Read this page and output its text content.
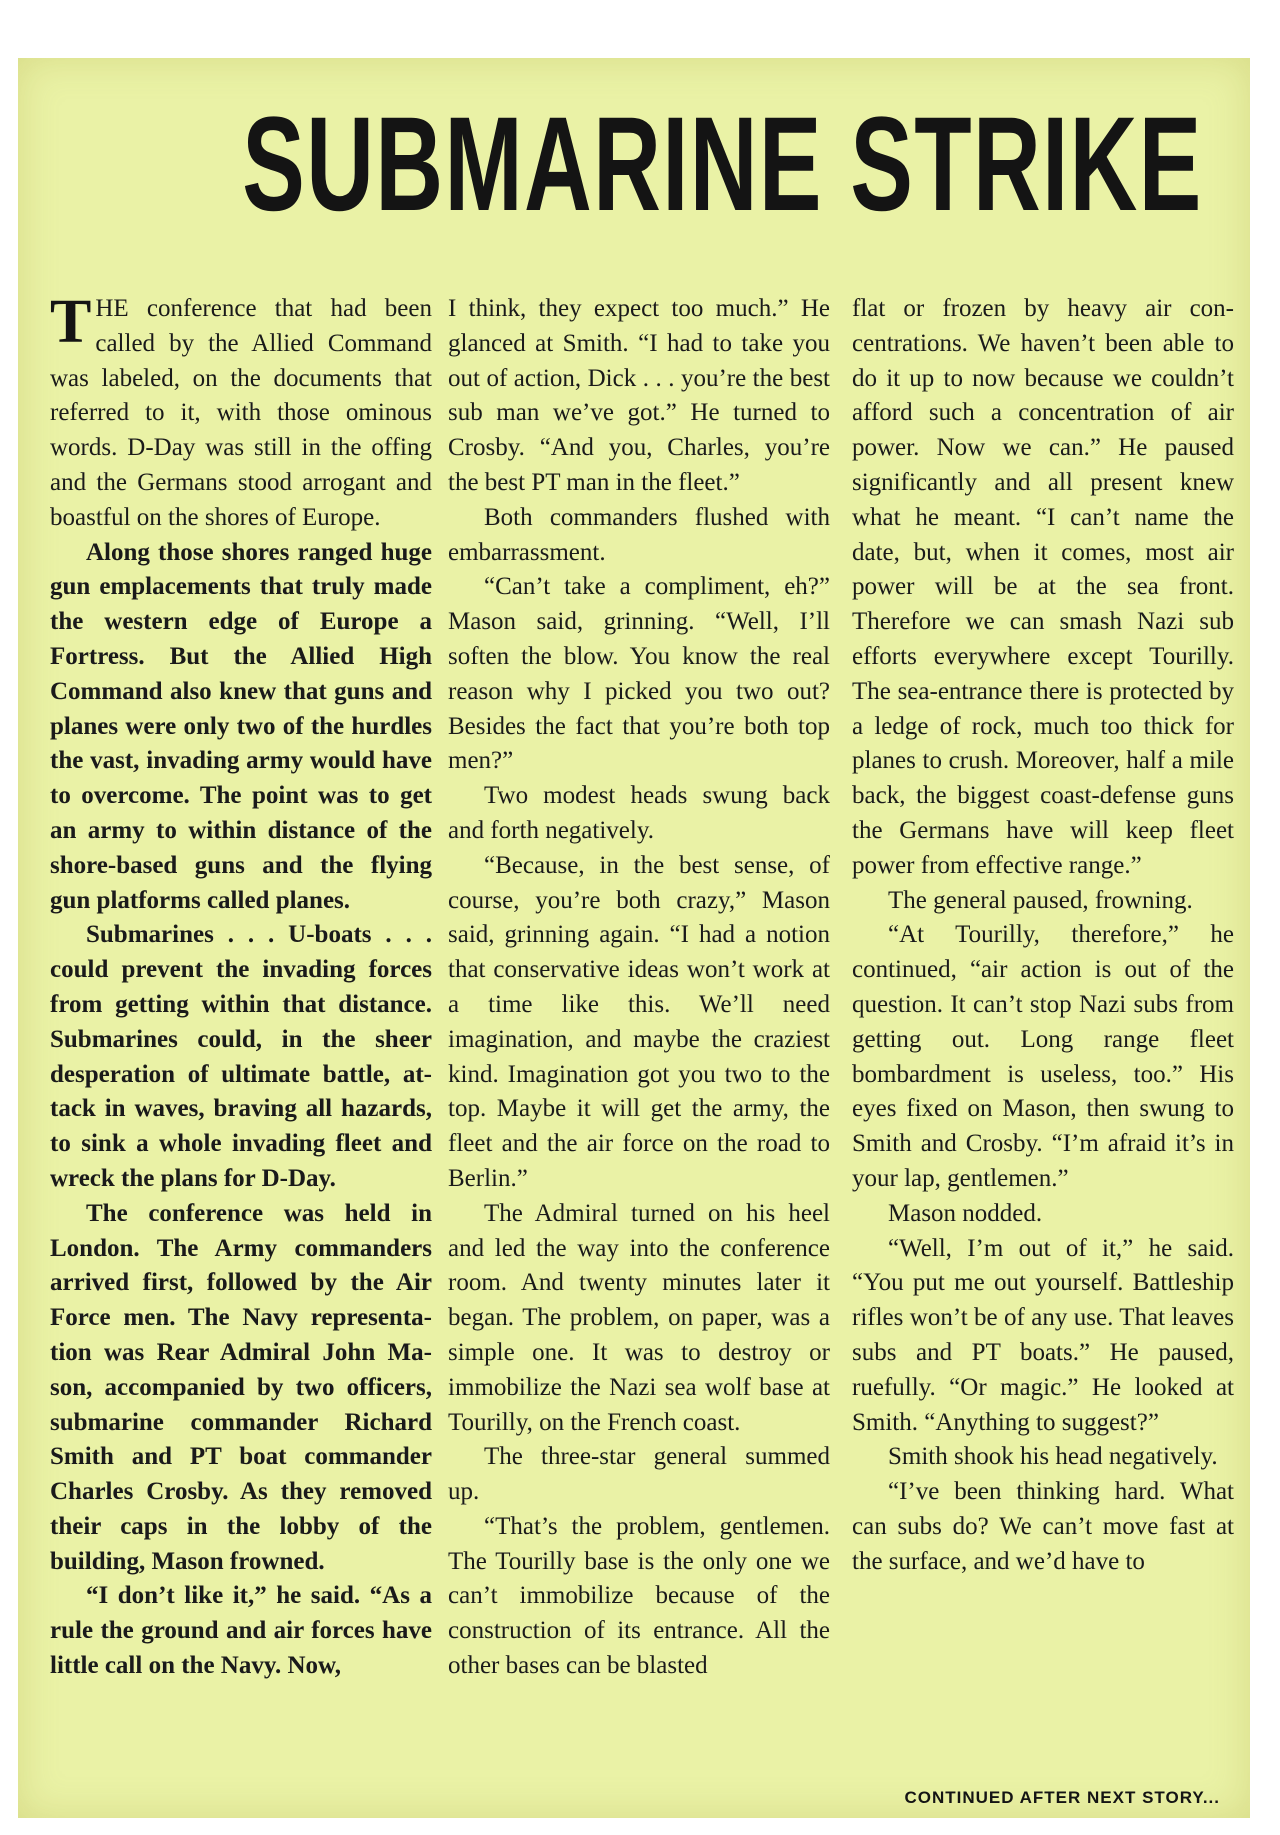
SUBMARINE STRIKE

THE conference that had been called by the Allied Command was labeled, on the documents that referred to it, with those ominous words. D-Day was still in the offing and the Germans stood arrogant and boastful on the shores of Europe.

Along those shores ranged huge gun emplacements that truly made the western edge of Europe a Fortress. But the Allied High Command also knew that guns and planes were only two of the hurdles the vast, invading army would have to overcome. The point was to get an army to within distance of the shore-based guns and the flying gun platforms called planes.

Submarines . . . U-boats . . . could prevent the invading forces from getting within that distance. Submarines could, in the sheer desperation of ultimate battle, attack in waves, braving all hazards, to sink a whole invading fleet and wreck the plans for D-Day.

The conference was held in London. The Army commanders arrived first, followed by the Air Force men. The Navy representation was Rear Admiral John Mason, accompanied by two officers, submarine commander Richard Smith and PT boat commander Charles Crosby. As they removed their caps in the lobby of the building, Mason frowned.

“I don’t like it,” he said. “As a rule the ground and air forces have little call on the Navy. Now,

I think, they expect too much.” He glanced at Smith. “I had to take you out of action, Dick . . . you’re the best sub man we’ve got.” He turned to Crosby. “And you, Charles, you’re the best PT man in the fleet.”

Both commanders flushed with embarrassment.

“Can’t take a compliment, eh?” Mason said, grinning. “Well, I’ll soften the blow. You know the real reason why I picked you two out? Besides the fact that you’re both top men?”

Two modest heads swung back and forth negatively.

“Because, in the best sense, of course, you’re both crazy,” Mason said, grinning again. “I had a notion that conservative ideas won’t work at a time like this. We’ll need imagination, and maybe the craziest kind. Imagination got you two to the top. Maybe it will get the army, the fleet and the air force on the road to Berlin.”

The Admiral turned on his heel and led the way into the conference room. And twenty minutes later it began. The problem, on paper, was a simple one. It was to destroy or immobilize the Nazi sea wolf base at Tourilly, on the French coast.

The three-star general summed up.

“That’s the problem, gentlemen. The Tourilly base is the only one we can’t immobilize because of the construction of its entrance. All the other bases can be blasted

flat or frozen by heavy air concentrations. We haven’t been able to do it up to now because we couldn’t afford such a concentration of air power. Now we can.” He paused significantly and all present knew what he meant. “I can’t name the date, but, when it comes, most air power will be at the sea front. Therefore we can smash Nazi sub efforts everywhere except Tourilly. The sea-entrance there is protected by a ledge of rock, much too thick for planes to crush. Moreover, half a mile back, the biggest coast-defense guns the Germans have will keep fleet power from effective range.”

The general paused, frowning.

“At Tourilly, therefore,” he continued, “air action is out of the question. It can’t stop Nazi subs from getting out. Long range fleet bombardment is useless, too.” His eyes fixed on Mason, then swung to Smith and Crosby. “I’m afraid it’s in your lap, gentlemen.”

Mason nodded.

“Well, I’m out of it,” he said. “You put me out yourself. Battleship rifles won’t be of any use. That leaves subs and PT boats.” He paused, ruefully. “Or magic.” He looked at Smith. “Anything to suggest?”

Smith shook his head negatively.

“I’ve been thinking hard. What can subs do? We can’t move fast at the surface, and we’d have to

CONTINUED AFTER NEXT STORY...
